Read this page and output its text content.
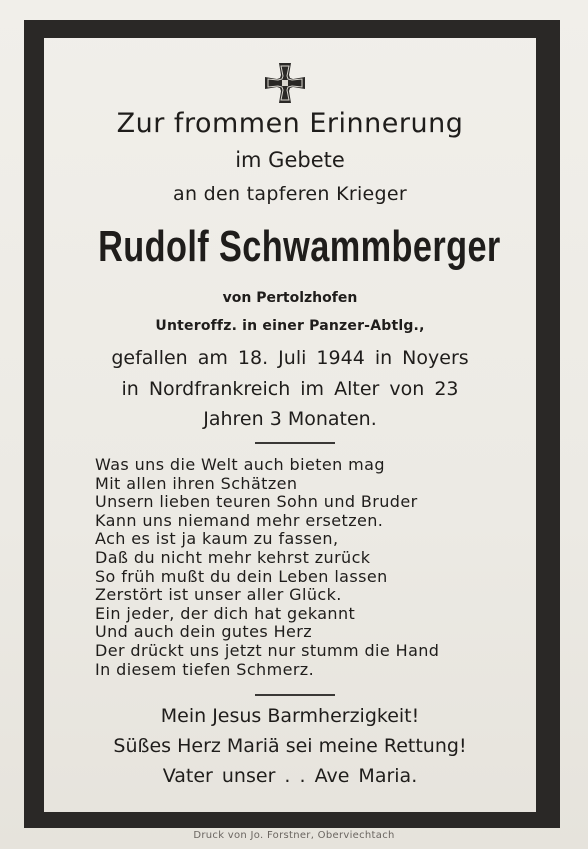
Zur frommen Erinnerung
im Gebete
an den tapferen Krieger
Rudolf Schwammberger
von Pertolzhofen
Unteroffz. in einer Panzer-Abtlg.,
gefallen am 18. Juli 1944 in Noyers
in Nordfrankreich im Alter von 23
Jahren 3 Monaten.
Was uns die Welt auch bieten mag
Mit allen ihren Schätzen
Unsern lieben teuren Sohn und Bruder
Kann uns niemand mehr ersetzen.
Ach es ist ja kaum zu fassen,
Daß du nicht mehr kehrst zurück
So früh mußt du dein Leben lassen
Zerstört ist unser aller Glück.
Ein jeder, der dich hat gekannt
Und auch dein gutes Herz
Der drückt uns jetzt nur stumm die Hand
In diesem tiefen Schmerz.
Mein Jesus Barmherzigkeit!
Süßes Herz Mariä sei meine Rettung!
Vater unser . . Ave Maria.
Druck von Jo. Forstner, Oberviechtach
